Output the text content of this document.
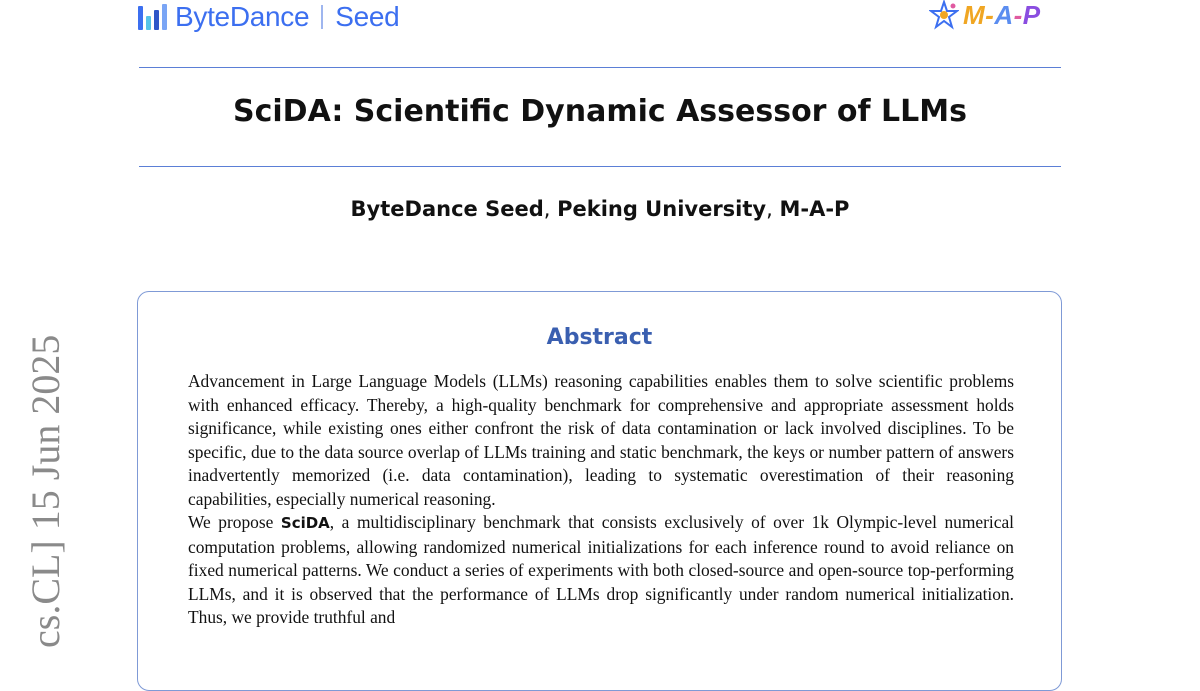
ByteDance Seed	M-A-P
SciDA: Scientific Dynamic Assessor of LLMs
ByteDance Seed, Peking University, M-A-P
Abstract

Advancement in Large Language Models (LLMs) reasoning capabilities enables them to solve scientific problems with enhanced efficacy. Thereby, a high-quality benchmark for comprehensive and appropriate assessment holds significance, while existing ones either confront the risk of data contamination or lack involved disciplines. To be specific, due to the data source overlap of LLMs training and static benchmark, the keys or number pattern of answers inadvertently memorized (i.e. data contamination), leading to systematic overestimation of their reasoning capabilities, especially numerical reasoning.

We propose SciDA, a multidisciplinary benchmark that consists exclusively of over 1k Olympic-level numerical computation problems, allowing randomized numerical initializations for each inference round to avoid reliance on fixed numerical patterns. We conduct a series of experiments with both closed-source and open-source top-performing LLMs, and it is observed that the performance of LLMs drop significantly under random numerical initialization. Thus, we provide truthful and

cs.CL] 15 Jun 2025
